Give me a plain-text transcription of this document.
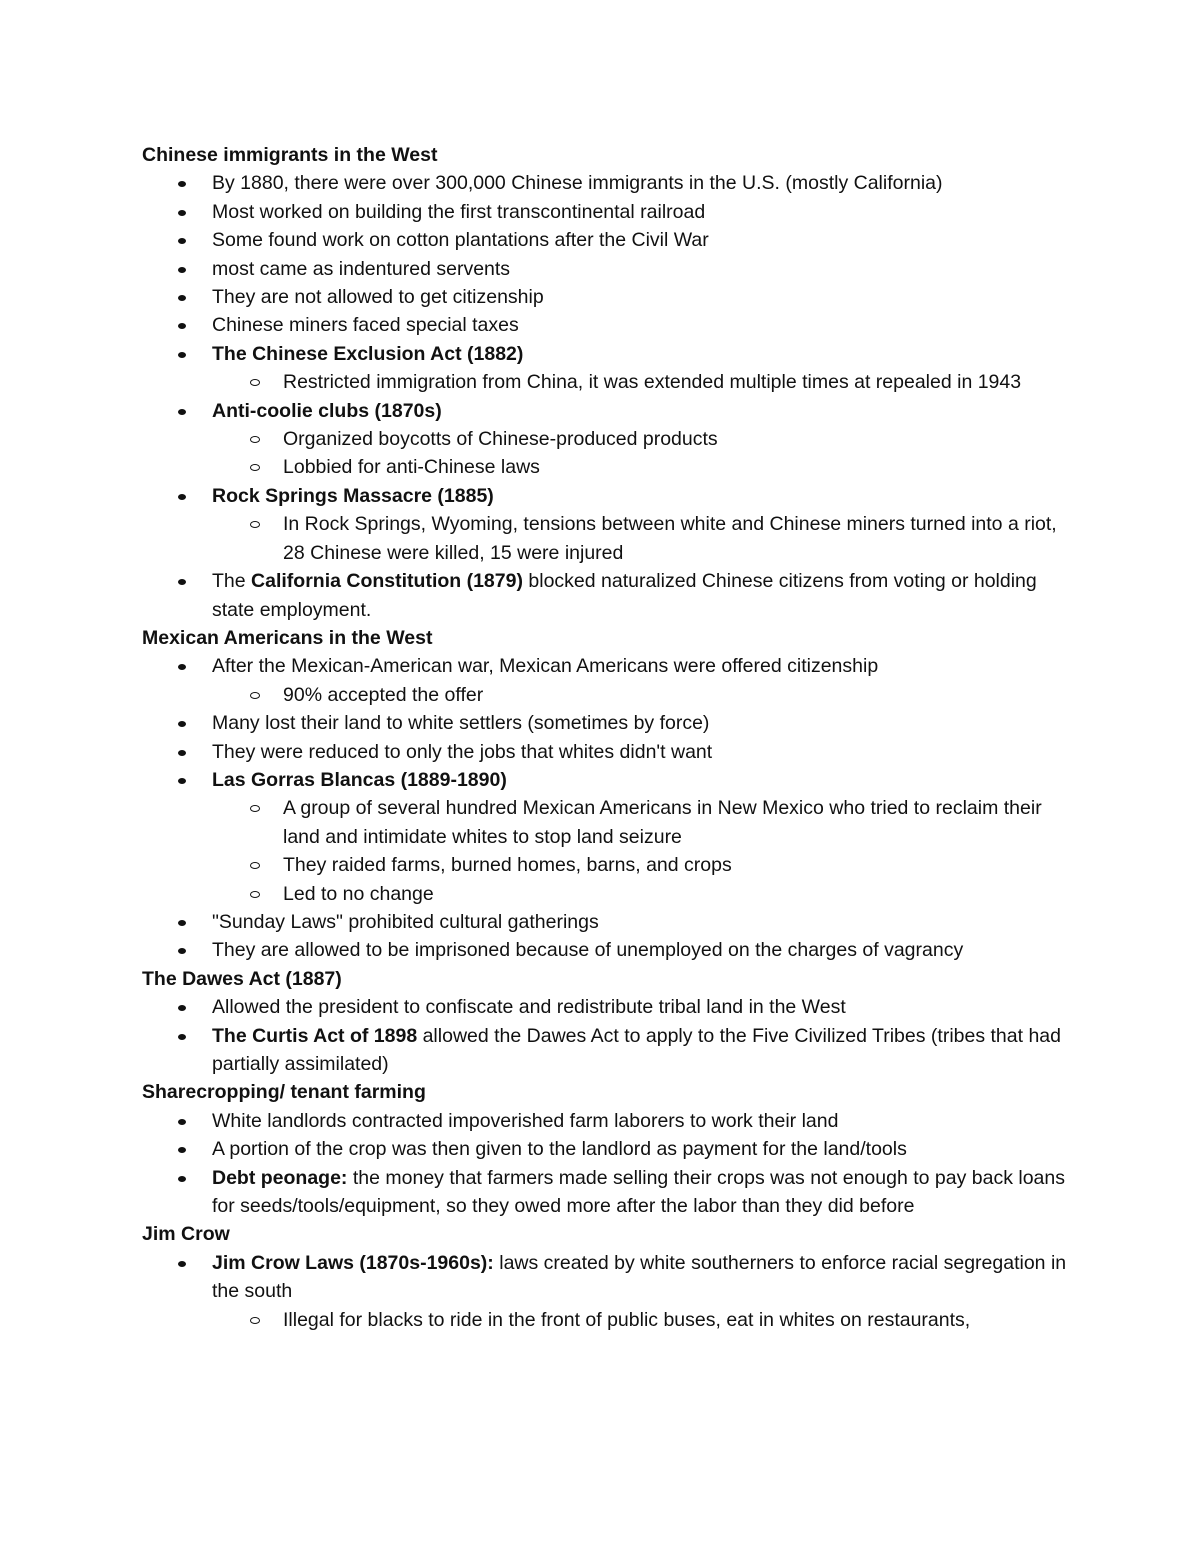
Chinese immigrants in the West
By 1880, there were over 300,000 Chinese immigrants in the U.S. (mostly California)
Most worked on building the first transcontinental railroad
Some found work on cotton plantations after the Civil War
most came as indentured servents
They are not allowed to get citizenship
Chinese miners faced special taxes
The Chinese Exclusion Act (1882)
Restricted immigration from China, it was extended multiple times at repealed in 1943
Anti-coolie clubs (1870s)
Organized boycotts of Chinese-produced products
Lobbied for anti-Chinese laws
Rock Springs Massacre (1885)
In Rock Springs, Wyoming, tensions between white and Chinese miners turned into a riot, 28 Chinese were killed, 15 were injured
The California Constitution (1879) blocked naturalized Chinese citizens from voting or holding state employment.
Mexican Americans in the West
After the Mexican-American war, Mexican Americans were offered citizenship
90% accepted the offer
Many lost their land to white settlers (sometimes by force)
They were reduced to only the jobs that whites didn't want
Las Gorras Blancas (1889-1890)
A group of several hundred Mexican Americans in New Mexico who tried to reclaim their land and intimidate whites to stop land seizure
They raided farms, burned homes, barns, and crops
Led to no change
"Sunday Laws" prohibited cultural gatherings
They are allowed to be imprisoned because of unemployed on the charges of vagrancy
The Dawes Act (1887)
Allowed the president to confiscate and redistribute tribal land in the West
The Curtis Act of 1898 allowed the Dawes Act to apply to the Five Civilized Tribes (tribes that had partially assimilated)
Sharecropping/ tenant farming
White landlords contracted impoverished farm laborers to work their land
A portion of the crop was then given to the landlord as payment for the land/tools
Debt peonage: the money that farmers made selling their crops was not enough to pay back loans for seeds/tools/equipment, so they owed more after the labor than they did before
Jim Crow
Jim Crow Laws (1870s-1960s): laws created by white southerners to enforce racial segregation in the south
Illegal for blacks to ride in the front of public buses, eat in whites on restaurants,
